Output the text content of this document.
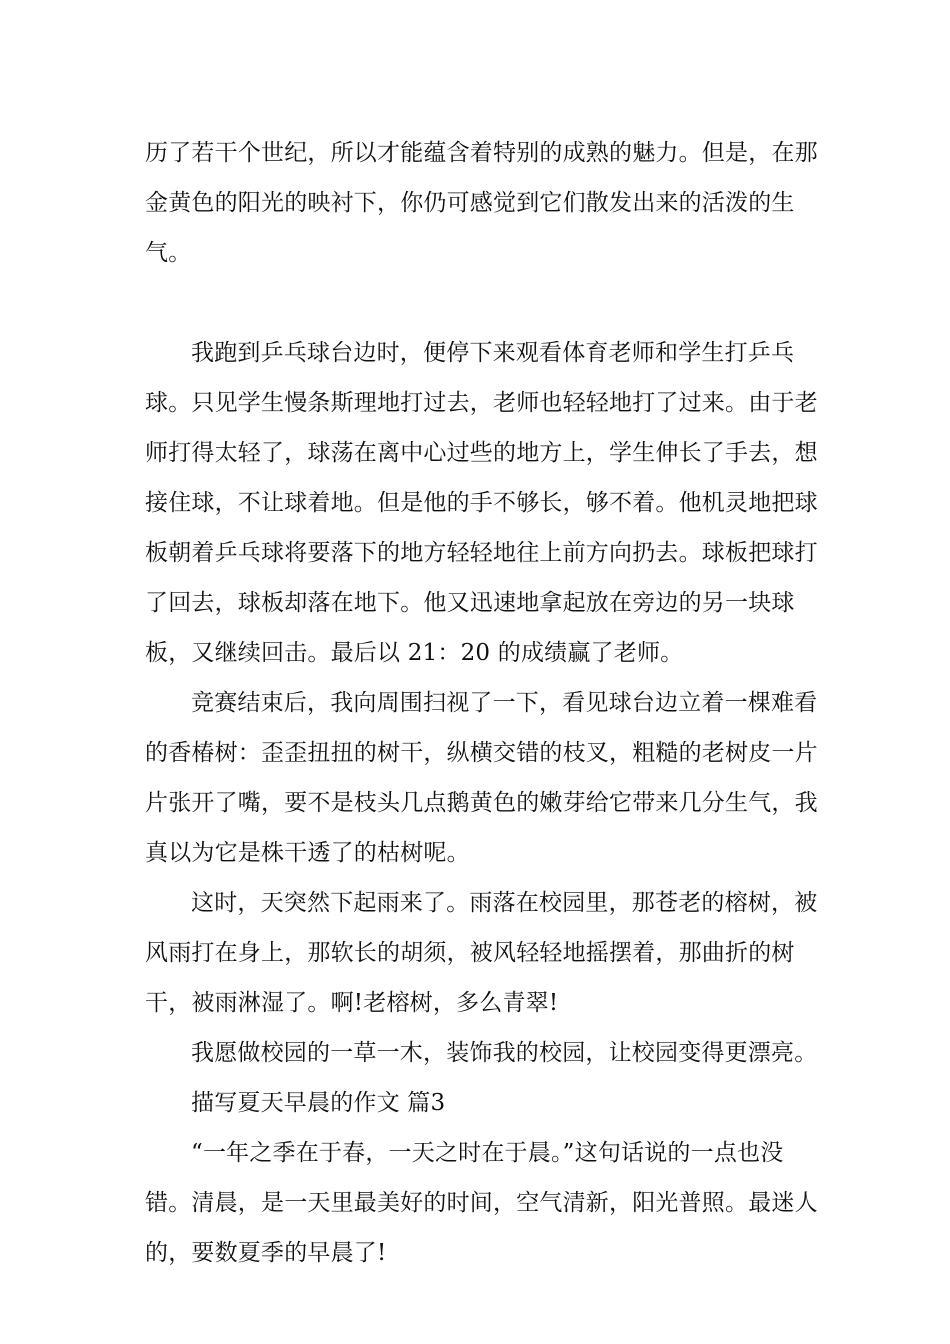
历了若干个世纪，所以才能蕴含着特别的成熟的魅力。但是，在那金黄色的阳光的映衬下，你仍可感觉到它们散发出来的活泼的生气。

我跑到乒乓球台边时，便停下来观看体育老师和学生打乒乓球。只见学生慢条斯理地打过去，老师也轻轻地打了过来。由于老师打得太轻了，球荡在离中心过些的地方上，学生伸长了手去，想接住球，不让球着地。但是他的手不够长，够不着。他机灵地把球板朝着乒乓球将要落下的地方轻轻地往上前方向扔去。球板把球打了回去，球板却落在地下。他又迅速地拿起放在旁边的另一块球板，又继续回击。最后以 21：20 的成绩赢了老师。

竞赛结束后，我向周围扫视了一下，看见球台边立着一棵难看的香椿树：歪歪扭扭的树干，纵横交错的枝叉，粗糙的老树皮一片片张开了嘴，要不是枝头几点鹅黄色的嫩芽给它带来几分生气，我真以为它是株干透了的枯树呢。

这时，天突然下起雨来了。雨落在校园里，那苍老的榕树，被风雨打在身上，那软长的胡须，被风轻轻地摇摆着，那曲折的树干，被雨淋湿了。啊!老榕树，多么青翠!

我愿做校园的一草一木，装饰我的校园，让校园变得更漂亮。

描写夏天早晨的作文 篇3

“一年之季在于春，一天之时在于晨。”这句话说的一点也没错。清晨，是一天里最美好的时间，空气清新，阳光普照。最迷人的，要数夏季的早晨了!
